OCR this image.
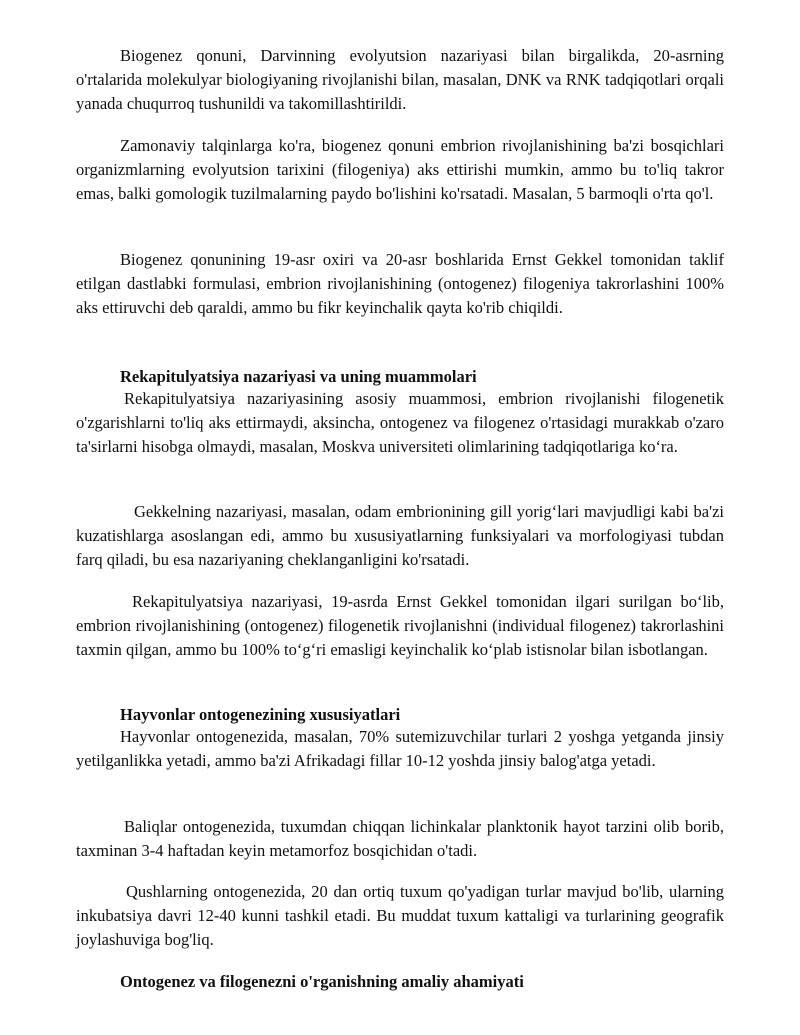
Biogenez qonuni, Darvinning evolyutsion nazariyasi bilan birgalikda, 20-asrning o'rtalarida molekulyar biologiyaning rivojlanishi bilan, masalan, DNK va RNK tadqiqotlari orqali yanada chuqurroq tushunildi va takomillashtirildi.

Zamonaviy talqinlarga ko'ra, biogenez qonuni embrion rivojlanishining ba'zi bosqichlari organizmlarning evolyutsion tarixini (filogeniya) aks ettirishi mumkin, ammo bu to'liq takror emas, balki gomologik tuzilmalarning paydo bo'lishini ko'rsatadi. Masalan, 5 barmoqli o'rta qo'l.

Biogenez qonunining 19-asr oxiri va 20-asr boshlarida Ernst Gekkel tomonidan taklif etilgan dastlabki formulasi, embrion rivojlanishining (ontogenez) filogeniya takrorlashini 100% aks ettiruvchi deb qaraldi, ammo bu fikr keyinchalik qayta ko'rib chiqildi.

Rekapitulyatsiya nazariyasi va uning muammolari

Rekapitulyatsiya nazariyasining asosiy muammosi, embrion rivojlanishi filogenetik o'zgarishlarni to'liq aks ettirmaydi, aksincha, ontogenez va filogenez o'rtasidagi murakkab o'zaro ta'sirlarni hisobga olmaydi, masalan, Moskva universiteti olimlarining tadqiqotlariga ko‘ra.

Gekkelning nazariyasi, masalan, odam embrionining gill yorig‘lari mavjudligi kabi ba'zi kuzatishlarga asoslangan edi, ammo bu xususiyatlarning funksiyalari va morfologiyasi tubdan farq qiladi, bu esa nazariyaning cheklanganligini ko'rsatadi.

Rekapitulyatsiya nazariyasi, 19-asrda Ernst Gekkel tomonidan ilgari surilgan bo‘lib, embrion rivojlanishining (ontogenez) filogenetik rivojlanishni (individual filogenez) takrorlashini taxmin qilgan, ammo bu 100% to‘g‘ri emasligi keyinchalik ko‘plab istisnolar bilan isbotlangan.

Hayvonlar ontogenezining xususiyatlari

Hayvonlar ontogenezida, masalan, 70% sutemizuvchilar turlari 2 yoshga yetganda jinsiy yetilganlikka yetadi, ammo ba'zi Afrikadagi fillar 10-12 yoshda jinsiy balog'atga yetadi.

Baliqlar ontogenezida, tuxumdan chiqqan lichinkalar planktonik hayot tarzini olib borib, taxminan 3-4 haftadan keyin metamorfoz bosqichidan o'tadi.

Qushlarning ontogenezida, 20 dan ortiq tuxum qo'yadigan turlar mavjud bo'lib, ularning inkubatsiya davri 12-40 kunni tashkil etadi. Bu muddat tuxum kattaligi va turlarining geografik joylashuviga bog'liq.

Ontogenez va filogenezni o'rganishning amaliy ahamiyati
